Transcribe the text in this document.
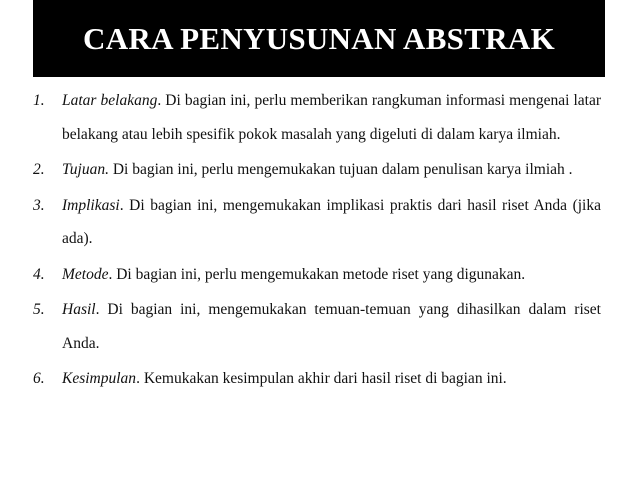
CARA PENYUSUNAN ABSTRAK
1. Latar belakang. Di bagian ini, perlu memberikan rangkuman informasi mengenai latar belakang atau lebih spesifik pokok masalah yang digeluti di dalam karya ilmiah.
2. Tujuan. Di bagian ini, perlu mengemukakan tujuan dalam penulisan karya ilmiah .
3. Implikasi. Di bagian ini, mengemukakan implikasi praktis dari hasil riset Anda (jika ada).
4. Metode. Di bagian ini, perlu mengemukakan metode riset yang digunakan.
5. Hasil. Di bagian ini, mengemukakan temuan-temuan yang dihasilkan dalam riset Anda.
6. Kesimpulan. Kemukakan kesimpulan akhir dari hasil riset di bagian ini.
